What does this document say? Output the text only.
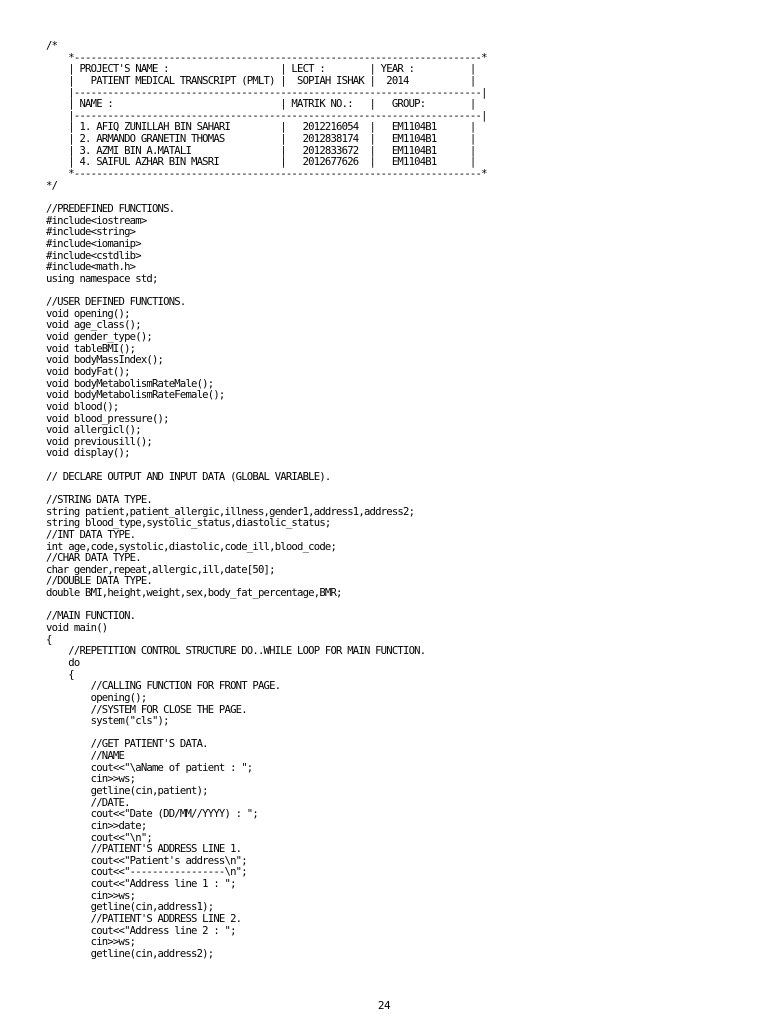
/*
*-------------------------------------------------------------------------*
| PROJECT'S NAME :                    | LECT :        | YEAR :          |
|   PATIENT MEDICAL TRANSCRIPT (PMLT) |  SOPIAH ISHAK |  2014           |
|-------------------------------------------------------------------------|
| NAME :                              | MATRIK NO.:   |   GROUP:        |
|-------------------------------------------------------------------------|
| 1. AFIQ ZUNILLAH BIN SAHARI         |   2012216054  |   EM1104B1      |
| 2. ARMANDO GRANETIN THOMAS          |   2012838174  |   EM1104B1      |
| 3. AZMI BIN A.MATALI                |   2012833672  |   EM1104B1      |
| 4. SAIFUL AZHAR BIN MASRI           |   2012677626  |   EM1104B1      |
*-------------------------------------------------------------------------*
*/
//PREDEFINED FUNCTIONS.
#include<iostream>
#include<string>
#include<iomanip>
#include<cstdlib>
#include<math.h>
using namespace std;
//USER DEFINED FUNCTIONS.
void opening();
void age_class();
void gender_type();
void tableBMI();
void bodyMassIndex();
void bodyFat();
void bodyMetabolismRateMale();
void bodyMetabolismRateFemale();
void blood();
void blood_pressure();
void allergicl();
void previousill();
void display();
// DECLARE OUTPUT AND INPUT DATA (GLOBAL VARIABLE).
//STRING DATA TYPE.
string patient,patient_allergic,illness,gender1,address1,address2;
string blood_type,systolic_status,diastolic_status;
//INT DATA TYPE.
int age,code,systolic,diastolic,code_ill,blood_code;
//CHAR DATA TYPE.
char gender,repeat,allergic,ill,date[50];
//DOUBLE DATA TYPE.
double BMI,height,weight,sex,body_fat_percentage,BMR;
//MAIN FUNCTION.
void main()
{
//REPETITION CONTROL STRUCTURE DO..WHILE LOOP FOR MAIN FUNCTION.
do
{
//CALLING FUNCTION FOR FRONT PAGE.
opening();
//SYSTEM FOR CLOSE THE PAGE.
system("cls");
//GET PATIENT'S DATA.
//NAME
cout<<"\aName of patient : ";
cin>>ws;
getline(cin,patient);
//DATE.
cout<<"Date (DD/MM//YYYY) : ";
cin>>date;
cout<<"\n";
//PATIENT'S ADDRESS LINE 1.
cout<<"Patient's address\n";
cout<<"-----------------\n";
cout<<"Address line 1 : ";
cin>>ws;
getline(cin,address1);
//PATIENT'S ADDRESS LINE 2.
cout<<"Address line 2 : ";
cin>>ws;
getline(cin,address2);
24
